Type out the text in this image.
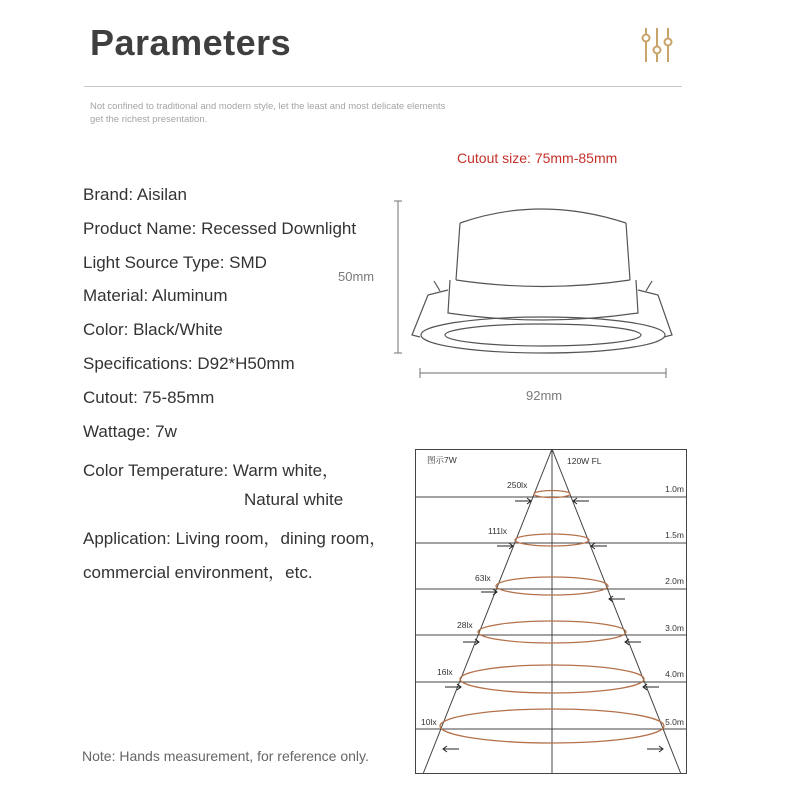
Parameters
Not confined to traditional and modern style, let the least and most delicate elements get the richest presentation.
Cutout size: 75mm-85mm
Brand: Aisilan
Product Name: Recessed Downlight
Light Source Type: SMD
Material: Aluminum
Color: Black/White
Specifications: D92*H50mm
Cutout: 75-85mm
Wattage: 7w
Color Temperature: Warm white，
Natural white
Application: Living room，dining room，
commercial environment，etc.
50mm
92mm
图示7W	120W FL
250lx
111lx
63lx
28lx
16lx
10lx
1.0m
1.5m
2.0m
3.0m
4.0m
5.0m
Note: Hands measurement, for reference only.
